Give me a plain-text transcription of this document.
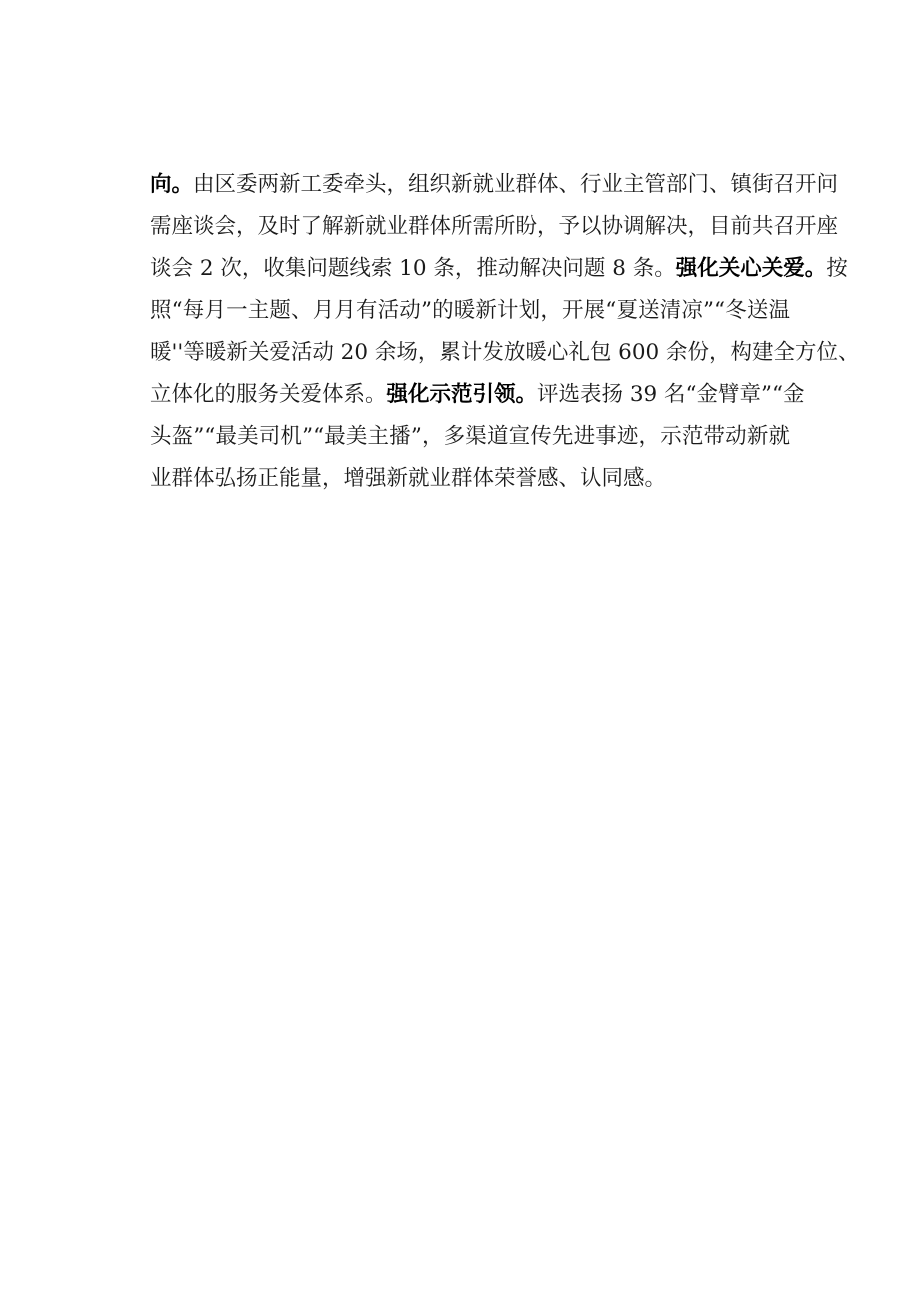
向。由区委两新工委牵头，组织新就业群体、行业主管部门、镇街召开问
需座谈会，及时了解新就业群体所需所盼，予以协调解决，目前共召开座
谈会 2 次，收集问题线索 10 条，推动解决问题 8 条。强化关心关爱。按
照“每月一主题、月月有活动”的暖新计划，开展“夏送清凉”“冬送温
暖''等暖新关爱活动 20 余场，累计发放暖心礼包 600 余份，构建全方位、
立体化的服务关爱体系。强化示范引领。评选表扬 39 名“金臂章”“金
头盔”“最美司机”“最美主播”，多渠道宣传先进事迹，示范带动新就
业群体弘扬正能量，增强新就业群体荣誉感、认同感。
